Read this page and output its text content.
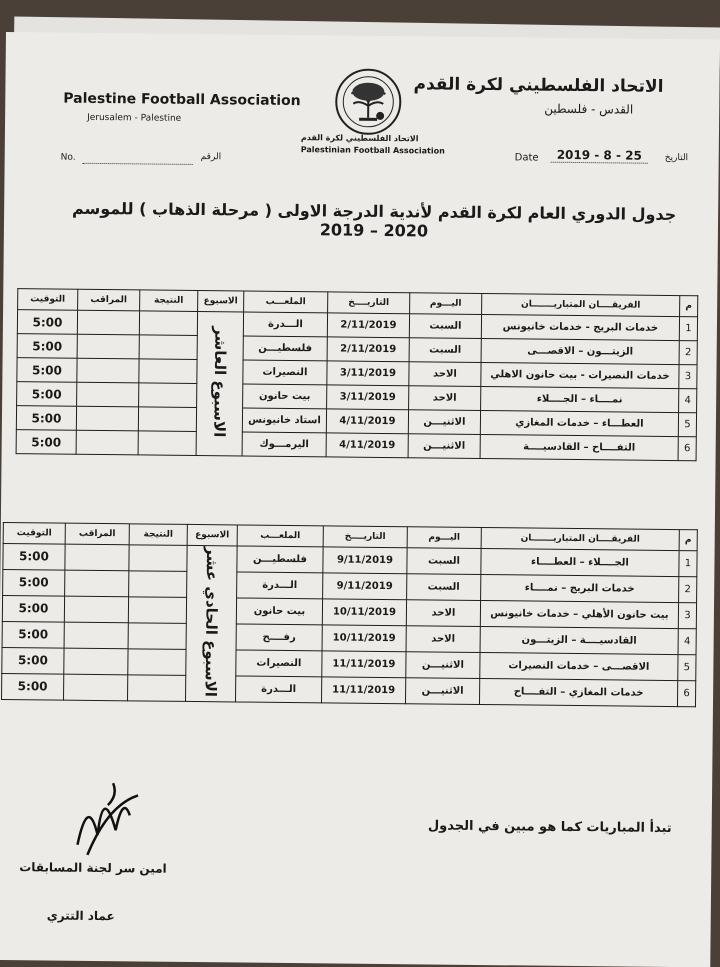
Palestine Football Association
Jerusalem - Palestine
الاتحاد الفلسطيني لكرة القدم
القدس - فلسطين
الاتحاد الفلسطيني لكرة القدم
Palestinian Football Association
No.	الرقم	Date	2019 - 8 - 25	التاريخ
جدول الدوري العام لكرة القدم لأندية الدرجة الاولى ( مرحلة الذهاب ) للموسم 2020 – 2019
التوقيت	المراقب	النتيجة	الاسبوع	الملعـــب	التاريــــخ	اليـــوم	الفريقــــان المتباريـــــــان	م
5:00			الاسبوع العاشر	الـــدرة	2/11/2019	السبت	خدمات البريج - خدمات خانيونس	1
5:00				فلسطيـــن	2/11/2019	السبت	الزيتـــون – الاقصـــى	2
5:00				النصيرات	3/11/2019	الاحد	خدمات النصيرات - بيت حانون الاهلي	3
5:00				بيت حانون	3/11/2019	الاحد	نمــــاء – الجــــلاء	4
5:00				استاد خانيونس	4/11/2019	الاثنيـــن	العطـــاء – خدمات المغازي	5
5:00				اليرمـــوك	4/11/2019	الاثنيـــن	التفــــاح – القادسيــــة	6
التوقيت	المراقب	النتيجة	الاسبوع	الملعـــب	التاريــــخ	اليـــوم	الفريقــــان المتباريـــــــان	م
5:00			الاسبوع الحادي عشر	فلسطيـــن	9/11/2019	السبت	الجــــلاء – العطــــاء	1
5:00				الـــدرة	9/11/2019	السبت	خدمات البريج – نمــــاء	2
5:00				بيت حانون	10/11/2019	الاحد	بيت حانون الأهلي – خدمات خانيونس	3
5:00				رفــــح	10/11/2019	الاحد	القادسيــــة – الزيتـــون	4
5:00				النصيرات	11/11/2019	الاثنيـــن	الاقصـــى – خدمات النصيرات	5
5:00				الـــدرة	11/11/2019	الاثنيـــن	خدمات المغازي – التفــــاح	6
تبدأ المباريات كما هو مبين في الجدول
امين سر لجنة المسابقات
عماد التتري
